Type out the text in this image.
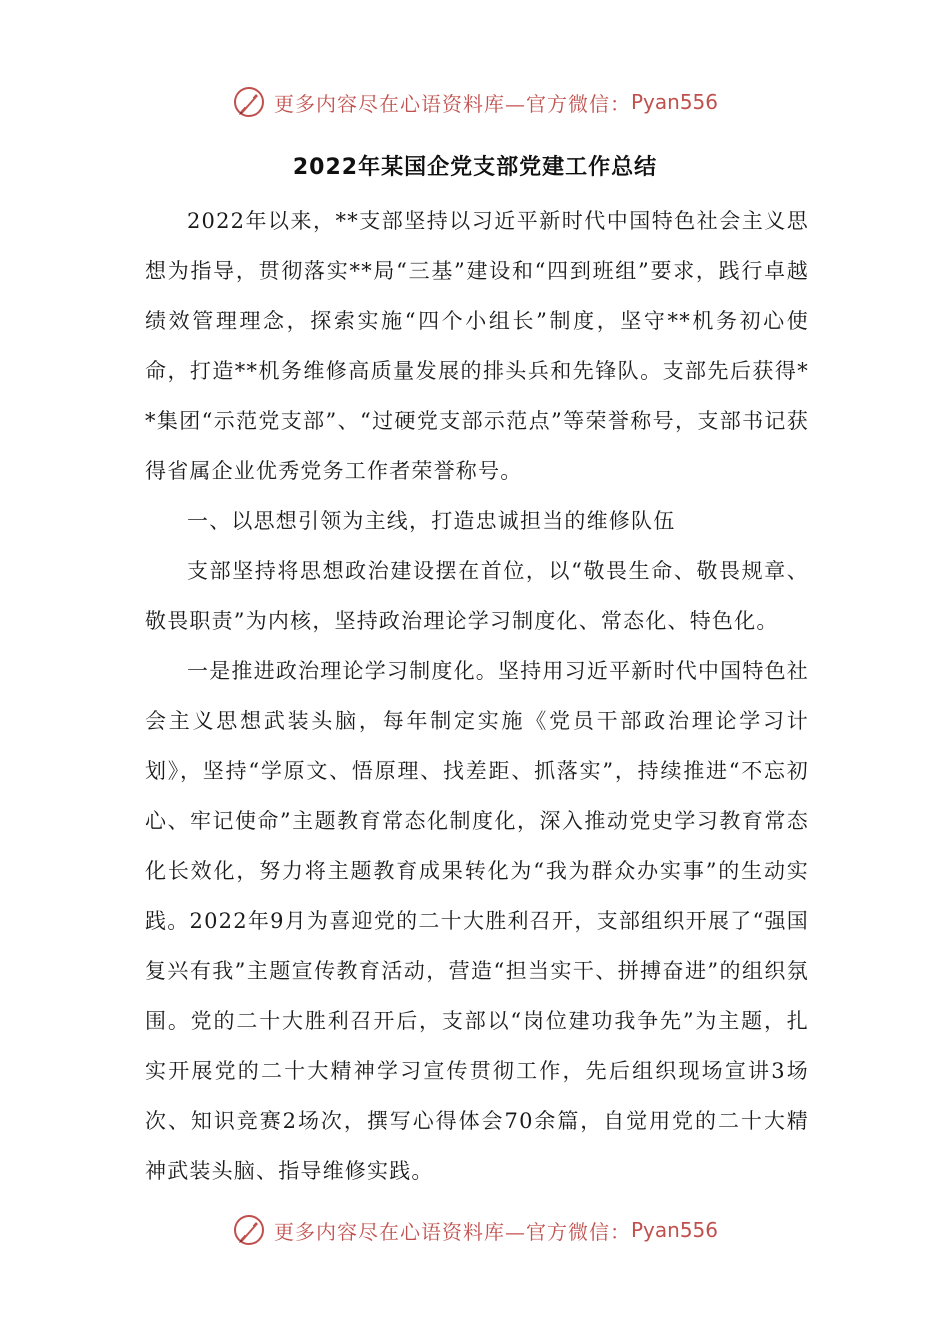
更多内容尽在心语资料库—官方微信： Pyan556
2022年某国企党支部党建工作总结

2022年以来，**支部坚持以习近平新时代中国特色社会主义思想为指导，贯彻落实**局“三基”建设和“四到班组”要求，践行卓越绩效管理理念，探索实施“四个小组长”制度，坚守**机务初心使命，打造**机务维修高质量发展的排头兵和先锋队。支部先后获得**集团“示范党支部”、“过硬党支部示范点”等荣誉称号，支部书记获得省属企业优秀党务工作者荣誉称号。

一、以思想引领为主线，打造忠诚担当的维修队伍

支部坚持将思想政治建设摆在首位，以“敬畏生命、敬畏规章、敬畏职责”为内核，坚持政治理论学习制度化、常态化、特色化。

一是推进政治理论学习制度化。坚持用习近平新时代中国特色社会主义思想武装头脑，每年制定实施《党员干部政治理论学习计划》，坚持“学原文、悟原理、找差距、抓落实”，持续推进“不忘初心、牢记使命”主题教育常态化制度化，深入推动党史学习教育常态化长效化，努力将主题教育成果转化为“我为群众办实事”的生动实践。2022年9月为喜迎党的二十大胜利召开，支部组织开展了“强国复兴有我”主题宣传教育活动，营造“担当实干、拼搏奋进”的组织氛围。党的二十大胜利召开后，支部以“岗位建功我争先”为主题，扎实开展党的二十大精神学习宣传贯彻工作，先后组织现场宣讲3场次、知识竞赛2场次，撰写心得体会70余篇，自觉用党的二十大精神武装头脑、指导维修实践。

更多内容尽在心语资料库—官方微信： Pyan556
